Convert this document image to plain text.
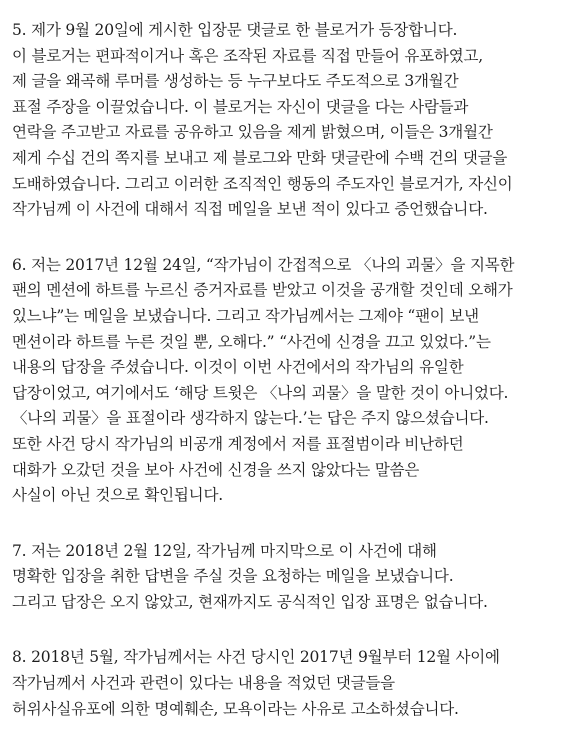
5. 제가 9월 20일에 게시한 입장문 댓글로 한 블로거가 등장합니다.
이 블로거는 편파적이거나 혹은 조작된 자료를 직접 만들어 유포하였고,
제 글을 왜곡해 루머를 생성하는 등 누구보다도 주도적으로 3개월간
표절 주장을 이끌었습니다. 이 블로거는 자신이 댓글을 다는 사람들과
연락을 주고받고 자료를 공유하고 있음을 제게 밝혔으며, 이들은 3개월간
제게 수십 건의 쪽지를 보내고 제 블로그와 만화 댓글란에 수백 건의 댓글을
도배하였습니다. 그리고 이러한 조직적인 행동의 주도자인 블로거가, 자신이
작가님께 이 사건에 대해서 직접 메일을 보낸 적이 있다고 증언했습니다.
6. 저는 2017년 12월 24일, “작가님이 간접적으로 〈나의 괴물〉을 지목한
팬의 멘션에 하트를 누르신 증거자료를 받았고 이것을 공개할 것인데 오해가
있느냐”는 메일을 보냈습니다. 그리고 작가님께서는 그제야 “팬이 보낸
멘션이라 하트를 누른 것일 뿐, 오해다.” “사건에 신경을 끄고 있었다.”는
내용의 답장을 주셨습니다. 이것이 이번 사건에서의 작가님의 유일한
답장이었고, 여기에서도 ‘해당 트윗은 〈나의 괴물〉을 말한 것이 아니었다.
〈나의 괴물〉을 표절이라 생각하지 않는다.’는 답은 주지 않으셨습니다.
또한 사건 당시 작가님의 비공개 계정에서 저를 표절범이라 비난하던
대화가 오갔던 것을 보아 사건에 신경을 쓰지 않았다는 말씀은
사실이 아닌 것으로 확인됩니다.
7. 저는 2018년 2월 12일, 작가님께 마지막으로 이 사건에 대해
명확한 입장을 취한 답변을 주실 것을 요청하는 메일을 보냈습니다.
그리고 답장은 오지 않았고, 현재까지도 공식적인 입장 표명은 없습니다.
8. 2018년 5월, 작가님께서는 사건 당시인 2017년 9월부터 12월 사이에
작가님께서 사건과 관련이 있다는 내용을 적었던 댓글들을
허위사실유포에 의한 명예훼손, 모욕이라는 사유로 고소하셨습니다.
